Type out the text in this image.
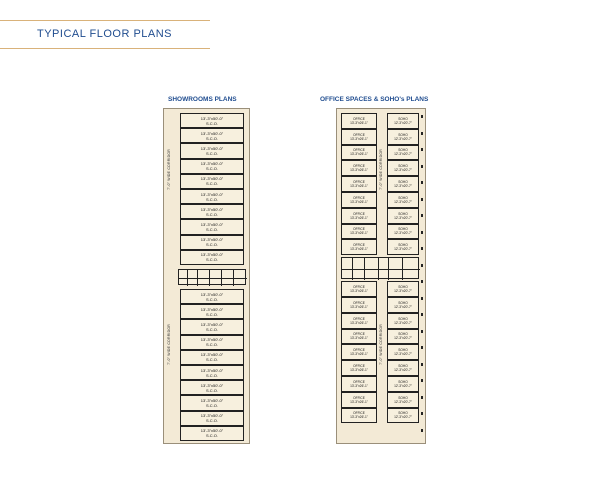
TYPICAL FLOOR PLANS
SHOWROOMS PLANS	OFFICE SPACES & SOHO's PLANS
7'-0" WIDE CORRIDOR
7'-0" WIDE CORRIDOR
13'-3"x50'-0"
S.C.O.
13'-3"x50'-0"
S.C.O.
13'-3"x50'-0"
S.C.O.
13'-3"x50'-0"
S.C.O.
13'-3"x50'-0"
S.C.O.
13'-3"x50'-0"
S.C.O.
13'-3"x50'-0"
S.C.O.
13'-3"x50'-0"
S.C.O.
13'-3"x50'-0"
S.C.O.
13'-3"x50'-0"
S.C.O.
13'-3"x50'-0"
S.C.O.
13'-3"x50'-0"
S.C.O.
13'-3"x50'-0"
S.C.O.
13'-3"x50'-0"
S.C.O.
13'-3"x50'-0"
S.C.O.
13'-3"x50'-0"
S.C.O.
13'-3"x50'-0"
S.C.O.
13'-3"x50'-0"
S.C.O.
13'-3"x50'-0"
S.C.O.
13'-3"x50'-0"
S.C.O.
7'-0" WIDE CORRIDOR
7'-0" WIDE CORRIDOR
OFFICE
13'-3"x26'-1"
SOHO
12'-3"x20'-7"
OFFICE
13'-3"x26'-1"
SOHO
12'-3"x20'-7"
OFFICE
13'-3"x26'-1"
SOHO
12'-3"x20'-7"
OFFICE
13'-3"x26'-1"
SOHO
12'-3"x20'-7"
OFFICE
13'-3"x26'-1"
SOHO
12'-3"x20'-7"
OFFICE
13'-3"x26'-1"
SOHO
12'-3"x20'-7"
OFFICE
13'-3"x26'-1"
SOHO
12'-3"x20'-7"
OFFICE
13'-3"x26'-1"
SOHO
12'-3"x20'-7"
OFFICE
13'-3"x26'-1"
SOHO
12'-3"x20'-7"
OFFICE
13'-3"x26'-1"
SOHO
12'-3"x20'-7"
OFFICE
13'-3"x26'-1"
SOHO
12'-3"x20'-7"
OFFICE
13'-3"x26'-1"
SOHO
12'-3"x20'-7"
OFFICE
13'-3"x26'-1"
SOHO
12'-3"x20'-7"
OFFICE
13'-3"x26'-1"
SOHO
12'-3"x20'-7"
OFFICE
13'-3"x26'-1"
SOHO
12'-3"x20'-7"
OFFICE
13'-3"x26'-1"
SOHO
12'-3"x20'-7"
OFFICE
13'-3"x26'-1"
SOHO
12'-3"x20'-7"
OFFICE
13'-3"x26'-1"
SOHO
12'-3"x20'-7"
